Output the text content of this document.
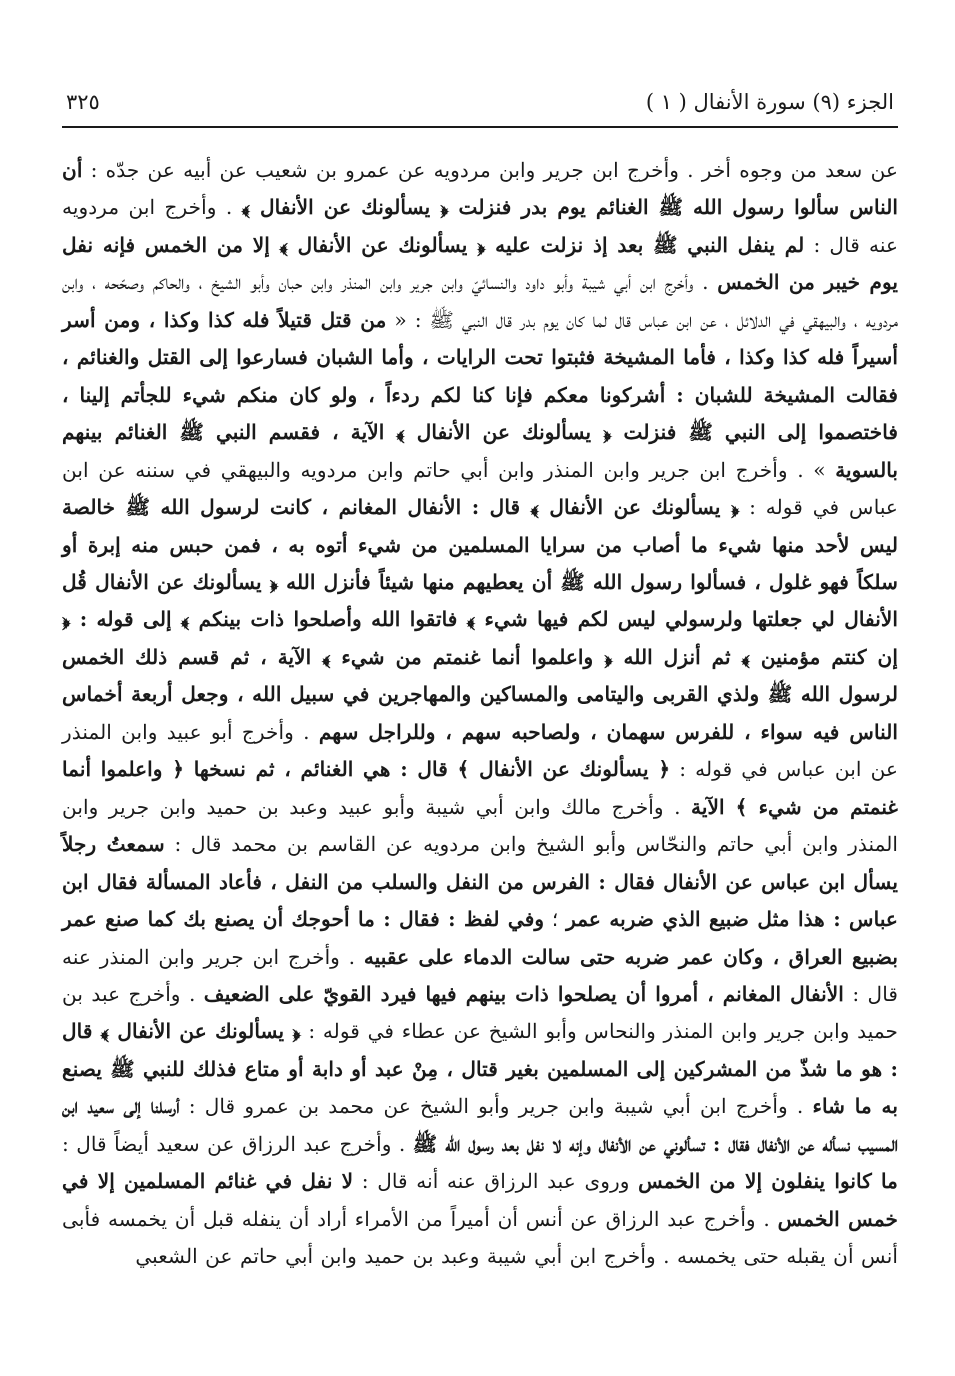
الجزء (٩) سورة الأنفال ( ١ )
٣٢٥
عن سعد من وجوه أخر . وأخرج ابن جرير وابن مردويه عن عمرو بن شعيب عن أبيه عن جدّه : أن الناس سألوا رسول الله ﷺ الغنائم يوم بدر فنزلت ﴿ يسألونك عن الأنفال ﴾ . وأخرج ابن مردويه عنه قال : لم ينفل النبي ﷺ بعد إذ نزلت عليه ﴿ يسألونك عن الأنفال ﴾ إلا من الخمس فإنه نفل يوم خيبر من الخمس . وأخرج ابن أبي شيبة وأبو داود والنسائيّ وابن جرير وابن المنذر وابن حبان وأبو الشيخ ، والحاكم وصحّحه ، وابن مردويه ، والبيهقي في الدلائل ، عن ابن عباس قال لما كان يوم بدر قال النبي ﷺ : « من قتل قتيلاً فله كذا وكذا ، ومن أسر أسيراً فله كذا وكذا ، فأما المشيخة فثبتوا تحت الرايات ، وأما الشبان فسارعوا إلى القتل والغنائم ، فقالت المشيخة للشبان : أشركونا معكم فإنا كنا لكم ردءاً ، ولو كان منكم شيء للجأتم إلينا ، فاختصموا إلى النبي ﷺ فنزلت ﴿ يسألونك عن الأنفال ﴾ الآية ، فقسم النبي ﷺ الغنائم بينهم بالسوية » . وأخرج ابن جرير وابن المنذر وابن أبي حاتم وابن مردويه والبيهقي في سننه عن ابن عباس في قوله : ﴿ يسألونك عن الأنفال ﴾ قال : الأنفال المغانم ، كانت لرسول الله ﷺ خالصة ليس لأحد منها شيء ما أصاب من سرايا المسلمين من شيء أتوه به ، فمن حبس منه إبرة أو سلكاً فهو غلول ، فسألوا رسول الله ﷺ أن يعطيهم منها شيئاً فأنزل الله ﴿ يسألونك عن الأنفال قُل الأنفال لي جعلتها ولرسولي ليس لكم فيها شيء ﴾ فاتقوا الله وأصلحوا ذات بينكم ﴾ إلى قوله : ﴿ إن كنتم مؤمنين ﴾ ثم أنزل الله ﴿ واعلموا أنما غنمتم من شيء ﴾ الآية ، ثم قسم ذلك الخمس لرسول الله ﷺ ولذي القربى واليتامى والمساكين والمهاجرين في سبيل الله ، وجعل أربعة أخماس الناس فيه سواء ، للفرس سهمان ، ولصاحبه سهم ، وللراجل سهم . وأخرج أبو عبيد وابن المنذر عن ابن عباس في قوله : ﴿ يسألونك عن الأنفال ﴾ قال : هي الغنائم ، ثم نسخها ﴿ واعلموا أنما غنمتم من شيء ﴾ الآية . وأخرج مالك وابن أبي شيبة وأبو عبيد وعبد بن حميد وابن جرير وابن المنذر وابن أبي حاتم والنحّاس وأبو الشيخ وابن مردويه عن القاسم بن محمد قال : سمعتُ رجلاً يسأل ابن عباس عن الأنفال فقال : الفرس من النفل والسلب من النفل ، فأعاد المسألة فقال ابن عباس : هذا مثل ضبيع الذي ضربه عمر ؛ وفي لفظ : فقال : ما أحوجك أن يصنع بك كما صنع عمر بضبيع العراق ، وكان عمر ضربه حتى سالت الدماء على عقبيه . وأخرج ابن جرير وابن المنذر عنه قال : الأنفال المغانم ، أمروا أن يصلحوا ذات بينهم فيها فيرد القويّ على الضعيف . وأخرج عبد بن حميد وابن جرير وابن المنذر والنحاس وأبو الشيخ عن عطاء في قوله : ﴿ يسألونك عن الأنفال ﴾ قال : هو ما شذّ من المشركين إلى المسلمين بغير قتال ، مِنْ عبد أو دابة أو متاع فذلك للنبي ﷺ يصنع به ما شاء . وأخرج ابن أبي شيبة وابن جرير وأبو الشيخ عن محمد بن عمرو قال : أرسلنا إلى سعيد ابن المسيب نسأله عن الأنفال فقال : تسألوني عن الأنفال وإنه لا نفل بعد رسول الله ﷺ . وأخرج عبد الرزاق عن سعيد أيضاً قال : ما كانوا ينفلون إلا من الخمس وروى عبد الرزاق عنه أنه قال : لا نفل في غنائم المسلمين إلا في خمس الخمس . وأخرج عبد الرزاق عن أنس أن أميراً من الأمراء أراد أن ينفله قبل أن يخمسه فأبى أنس أن يقبله حتى يخمسه . وأخرج ابن أبي شيبة وعبد بن حميد وابن أبي حاتم عن الشعبي
